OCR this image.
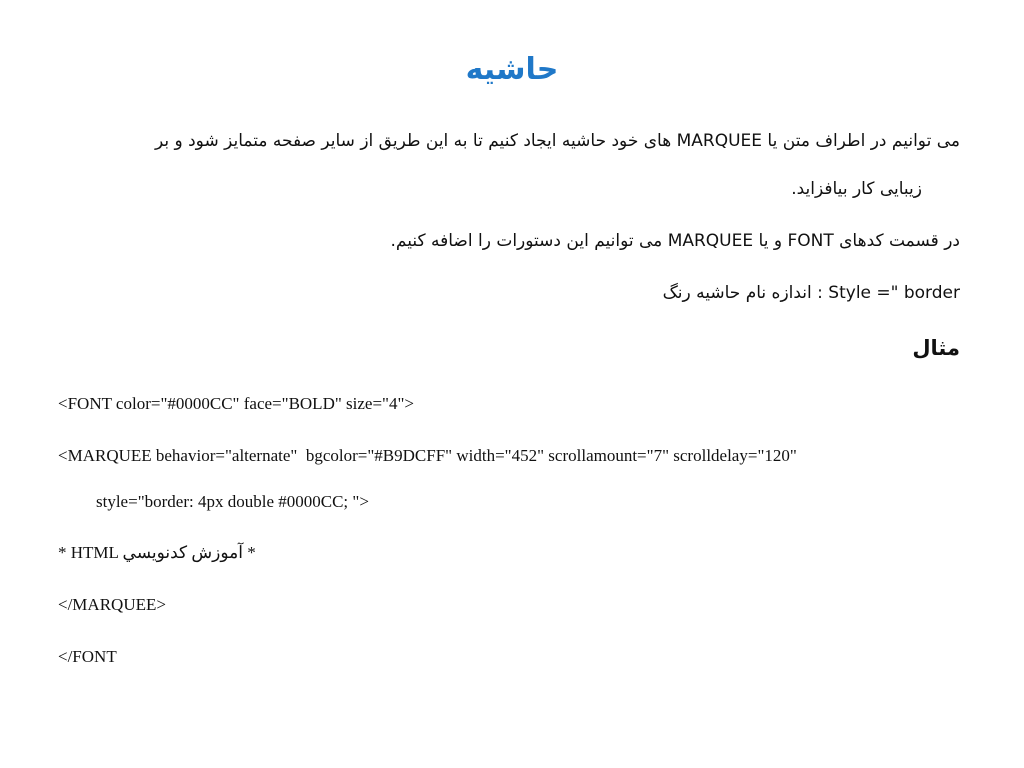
حاشیه
می توانیم در اطراف متن یا MARQUEE های خود حاشیه ایجاد کنیم تا به این طریق از سایر صفحه متمایز شود و بر
زیبایی کار بیافزاید.
در قسمت کدهای FONT و یا MARQUEE می توانیم این دستورات را اضافه کنیم.
Style =" border : اندازه نام حاشیه رنگ
مثال
<FONT color="#0000CC" face="BOLD" size="4">
<MARQUEE behavior="alternate"  bgcolor="#B9DCFF" width="452" scrollamount="7" scrolldelay="120"
style="border: 4px double #0000CC; ">
* HTML آموزش کدنويسي *
</MARQUEE>
</FONT
